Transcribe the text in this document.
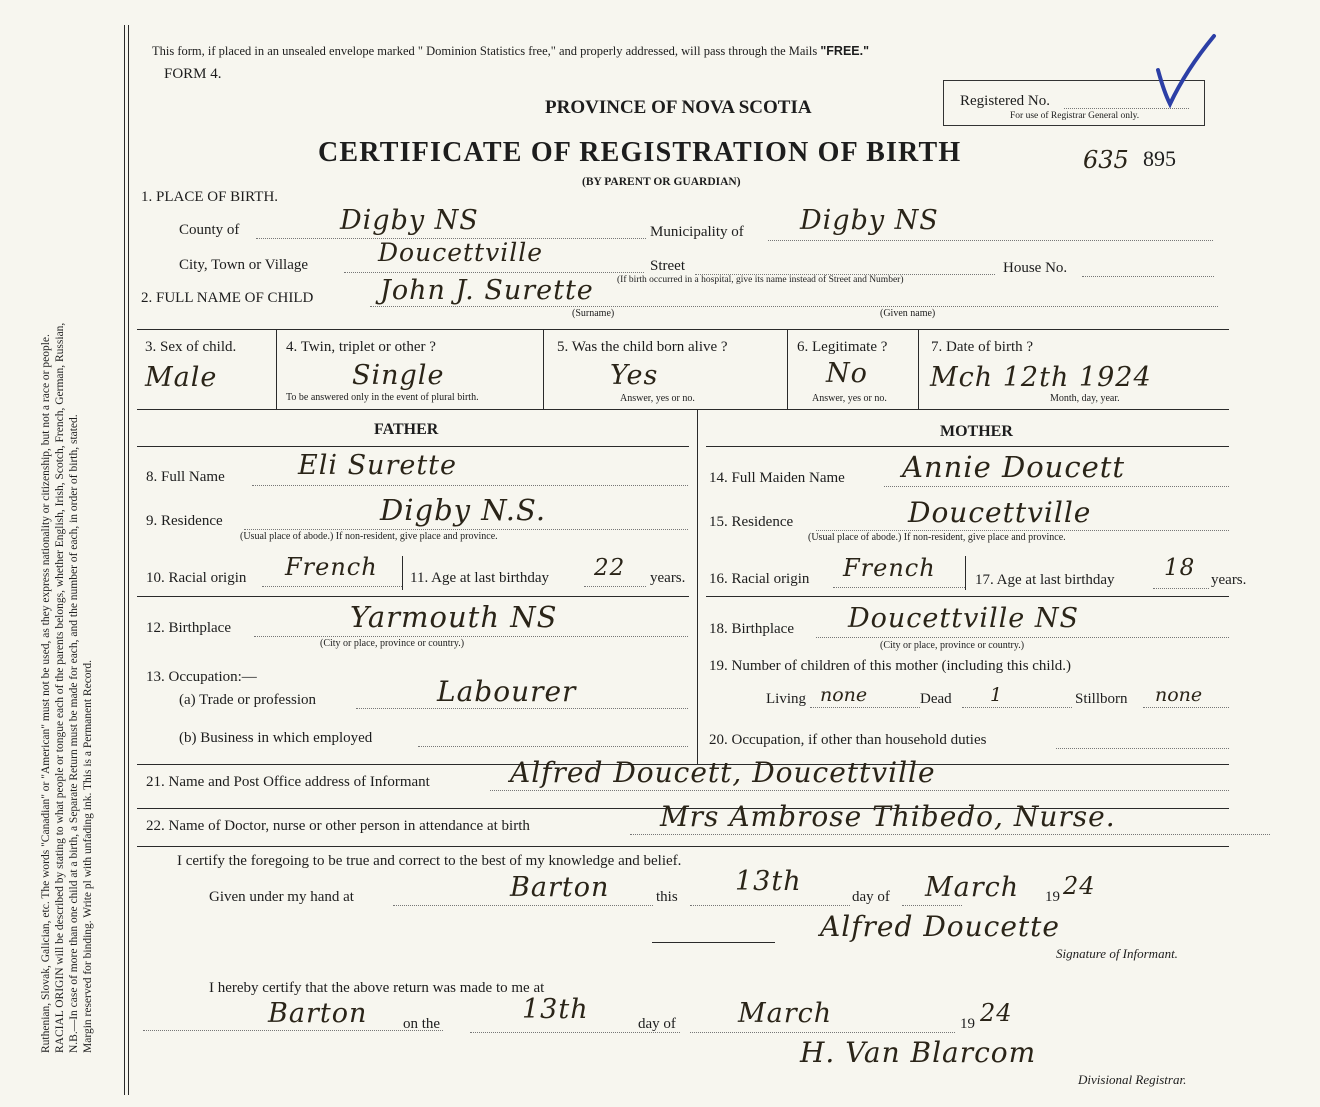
Ruthenian, Slovak, Galician, etc. The words "Canadian" or "American" must not be used, as they express nationality or citizenship, but not a race or people. RACIAL ORIGIN will be described by stating to what people or tongue each of the parents belongs, whether English, Irish, Scotch, French, German, Russian, N.B.—In case of more than one child at a birth, a Separate Return must be made for each, and the number of each, in order of birth, stated. Margin reserved for binding. Write pl with unfading ink. This is a Permanent Record.
This form, if placed in an unsealed envelope marked " Dominion Statistics free," and properly addressed, will pass through the Mails "FREE."
FORM 4.
PROVINCE OF NOVA SCOTIA
CERTIFICATE OF REGISTRATION OF BIRTH
(BY PARENT OR GUARDIAN)
635 895
Registered No.
For use of Registrar General only.
1. PLACE OF BIRTH.
County of	Digby NS	Municipality of Digby NS
City, Town or Village	Doucettville	Street
(If birth occurred in a hospital, give its name instead of Street and Number)
House No.
2. FULL NAME OF CHILD John J. Surette
(Surname)	(Given name)
3. Sex of child.
Male
4. Twin, triplet or other ?
Single
To be answered only in the event of plural birth.
5. Was the child born alive ?
Yes
Answer, yes or no.
6. Legitimate ?
No
Answer, yes or no.
7. Date of birth ?
Mch 12th 1924
Month, day, year.
FATHER	MOTHER
8. Full Name	Eli Surette
9. Residence	Digby N.S.
(Usual place of abode.) If non-resident, give place and province.
10. Racial origin French 11. Age at last birthday 22 years.
12. Birthplace	Yarmouth NS
(City or place, province or country.)
13. Occupation:—
(a) Trade or profession	Labourer
(b) Business in which employed
14. Full Maiden Name Annie Doucett
15. Residence	Doucettville
(Usual place of abode.) If non-resident, give place and province.
16. Racial origin French	17. Age at last birthday 18 years.
18. Birthplace Doucettville NS
(City or place, province or country.)
19. Number of children of this mother (including this child.)
Living none	Dead 1	Stillborn none
20. Occupation, if other than household duties
21. Name and Post Office address of Informant	Alfred Doucett, Doucettville
22. Name of Doctor, nurse or other person in attendance at birth	Mrs Ambrose Thibedo, Nurse.
I certify the foregoing to be true and correct to the best of my knowledge and belief.
Given under my hand at	Barton	this 13th	day of March 19 24
Alfred Doucette
Signature of Informant.
I hereby certify that the above return was made to me at
Barton on the	13th	day of March	19 24
H. Van Blarcom
Divisional Registrar.
